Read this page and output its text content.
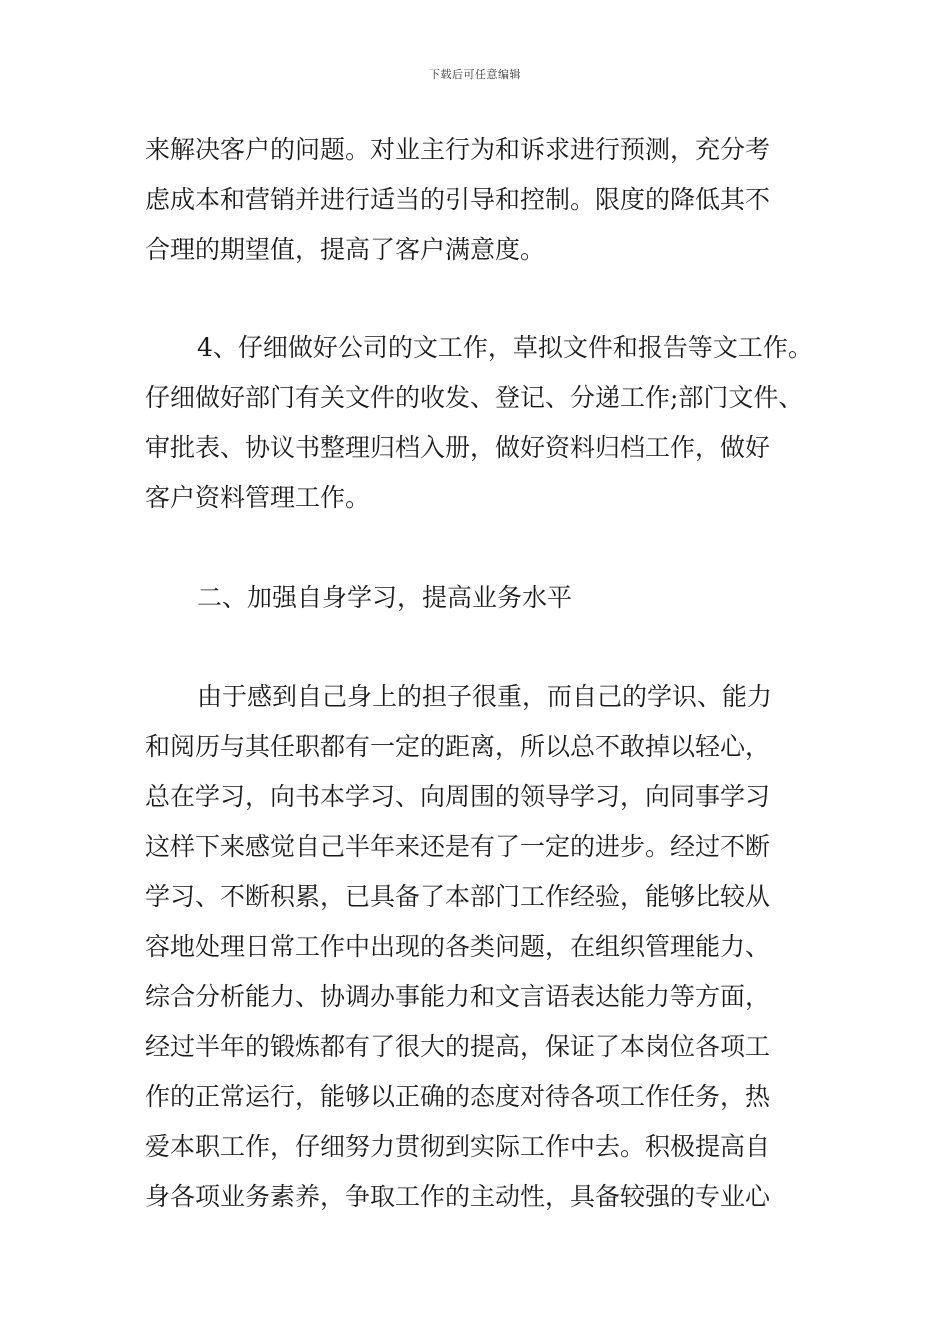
下载后可任意编辑
来解决客户的问题。对业主行为和诉求进行预测，充分考
虑成本和营销并进行适当的引导和控制。限度的降低其不
合理的期望值，提高了客户满意度。
4、仔细做好公司的文工作，草拟文件和报告等文工作。
仔细做好部门有关文件的收发、登记、分递工作;部门文件、
审批表、协议书整理归档入册，做好资料归档工作，做好
客户资料管理工作。
二、加强自身学习，提高业务水平
由于感到自己身上的担子很重，而自己的学识、能力
和阅历与其任职都有一定的距离，所以总不敢掉以轻心，
总在学习，向书本学习、向周围的领导学习，向同事学习
这样下来感觉自己半年来还是有了一定的进步。经过不断
学习、不断积累，已具备了本部门工作经验，能够比较从
容地处理日常工作中出现的各类问题，在组织管理能力、
综合分析能力、协调办事能力和文言语表达能力等方面，
经过半年的锻炼都有了很大的提高，保证了本岗位各项工
作的正常运行，能够以正确的态度对待各项工作任务，热
爱本职工作，仔细努力贯彻到实际工作中去。积极提高自
身各项业务素养，争取工作的主动性，具备较强的专业心
